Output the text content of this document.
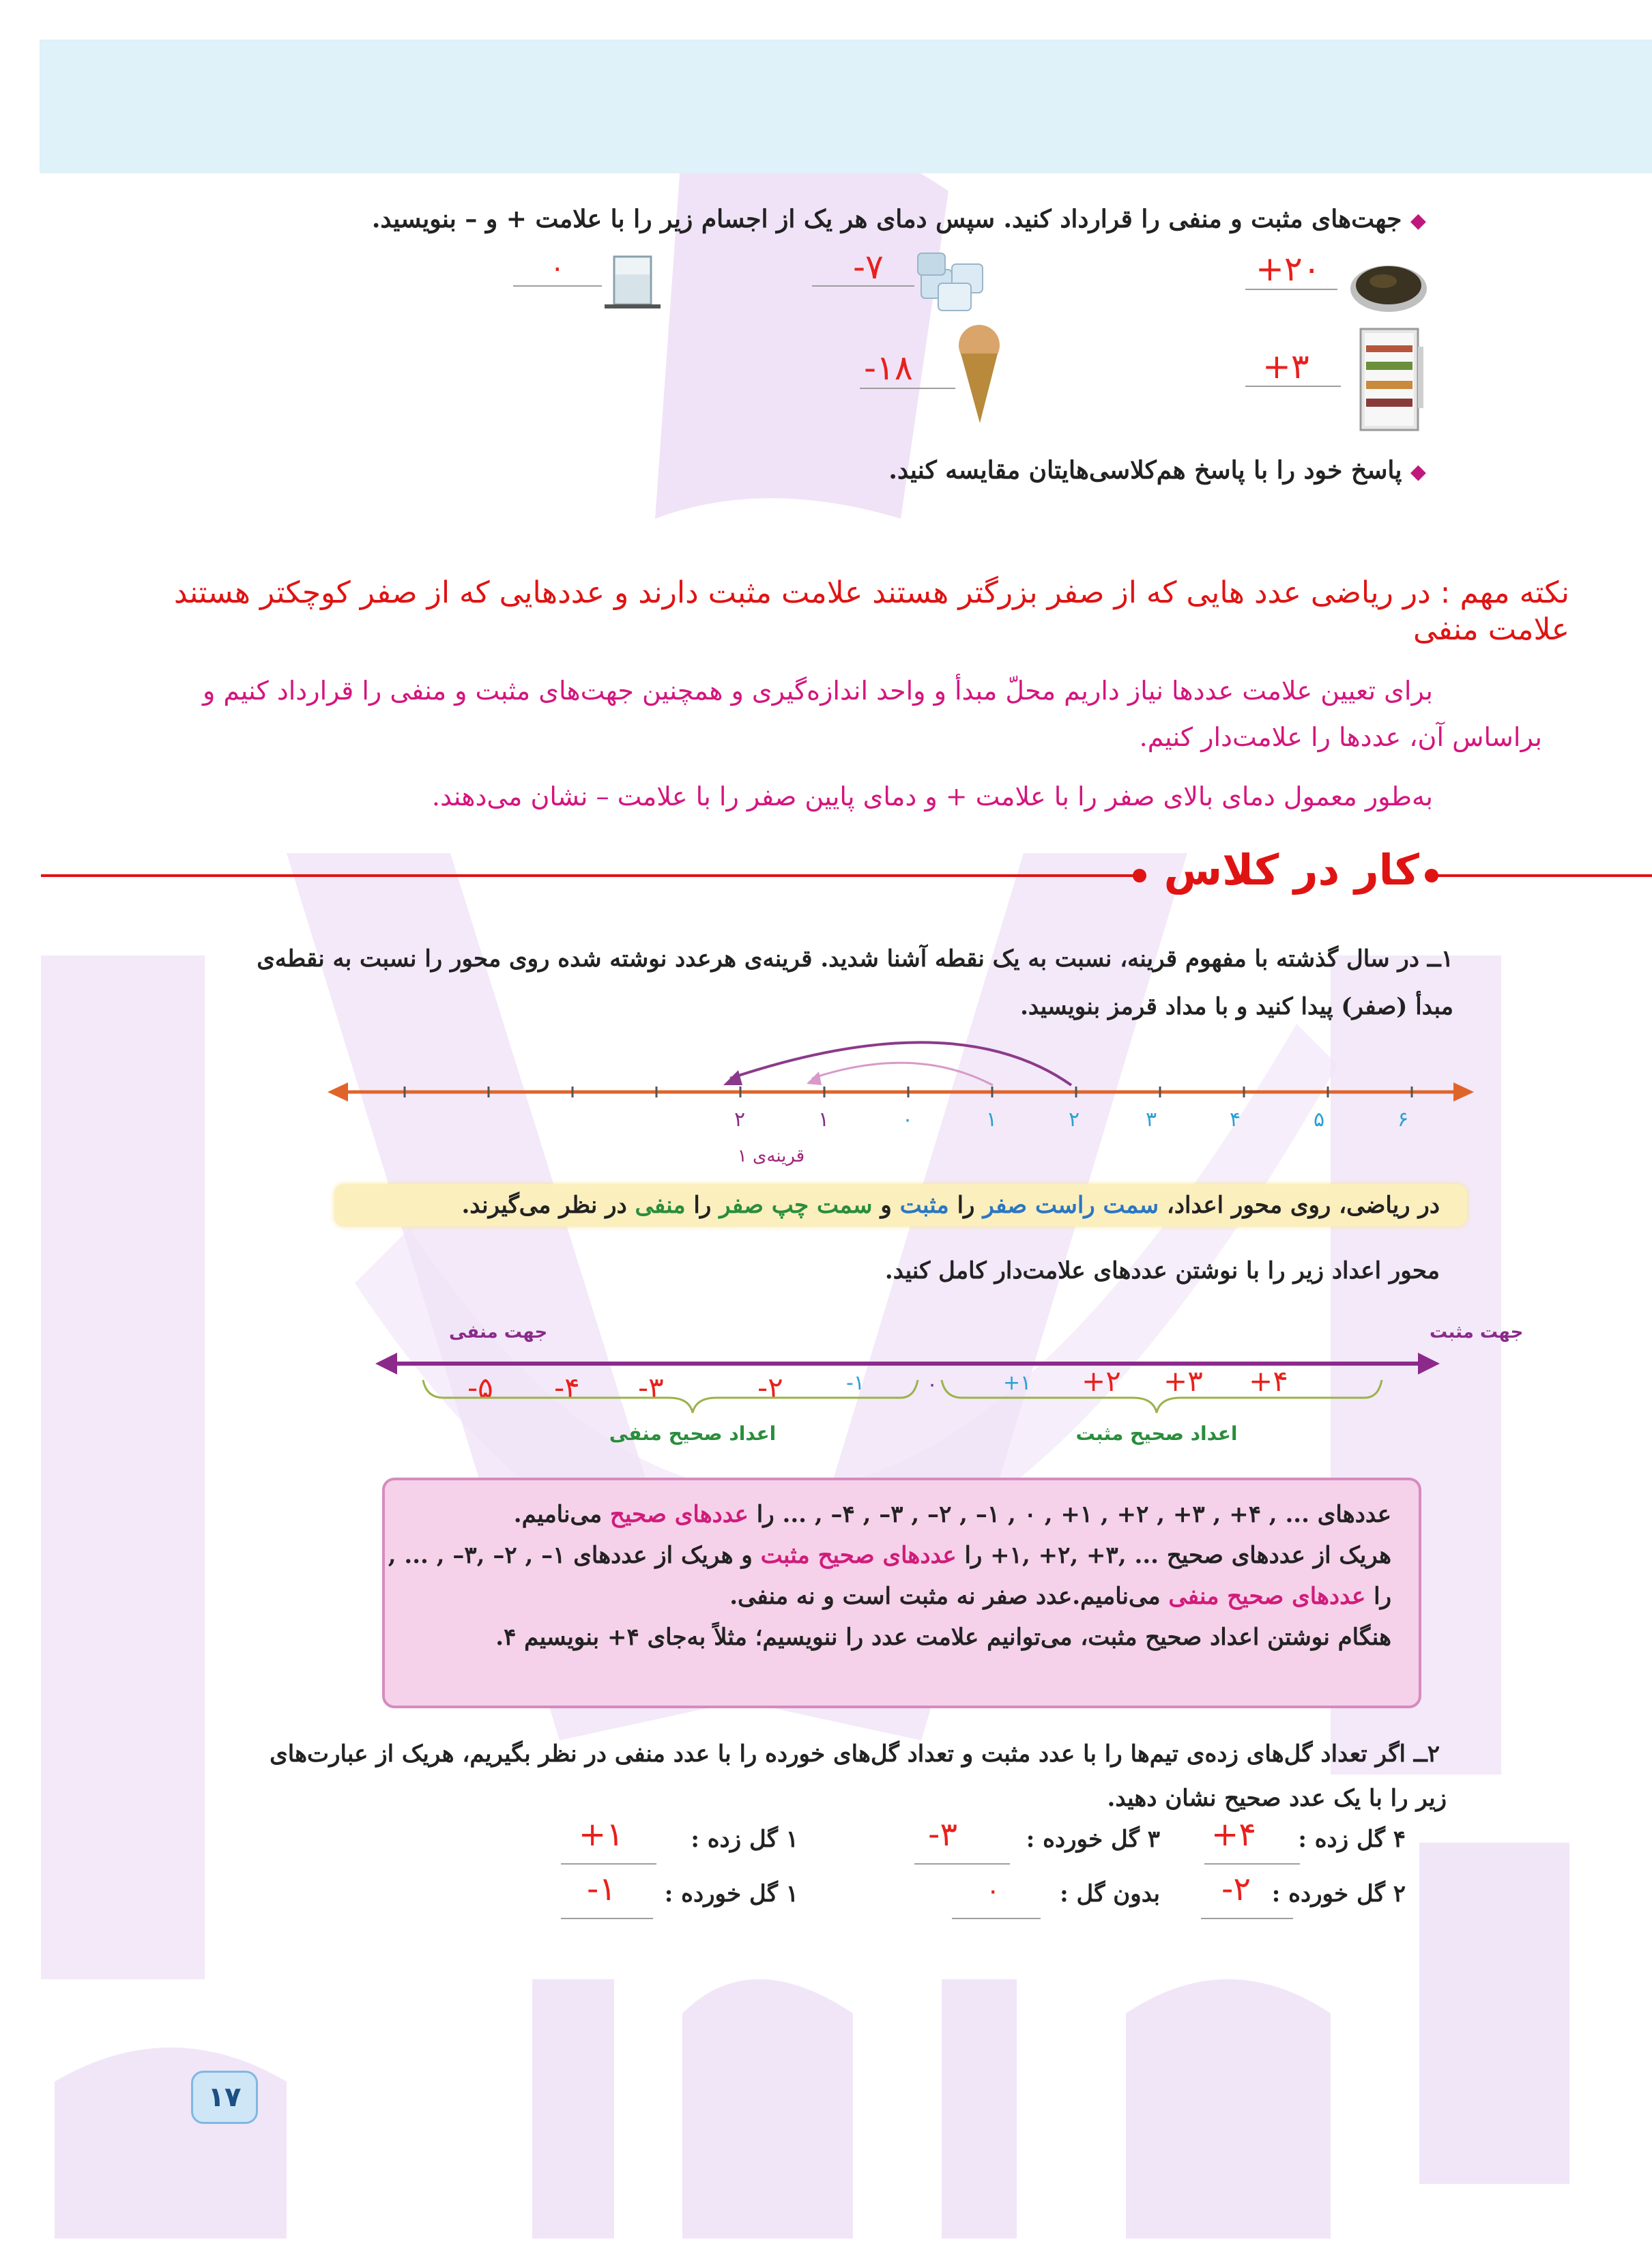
◆ جهت‌های مثبت و منفی را قرارداد کنید. سپس دمای هر یک از اجسام زیر را با علامت + و – بنویسید.
+۲۰
-۷
۰
+۳
-۱۸
◆ پاسخ خود را با پاسخ هم‌کلاسی‌هایتان مقایسه کنید.
نکته مهم : در ریاضی عدد هایی که از صفر بزرگتر هستند علامت مثبت دارند و عددهایی که از صفر کوچکتر هستند علامت منفی
برای تعیین علامت عددها نیاز داریم محلّ مبدأ و واحد اندازه‌گیری و همچنین جهت‌های مثبت و منفی را قرارداد کنیم و
براساس آن، عددها را علامت‌دار کنیم.
به‌طور معمول دمای بالای صفر را با علامت + و دمای پایین صفر را با علامت – نشان می‌دهند.
کار در کلاس
۱ــ در سال گذشته با مفهوم قرینه، نسبت به یک نقطه آشنا شدید. قرینه‌ی هرعدد نوشته شده روی محور را نسبت به نقطه‌ی
مبدأ (صفر) پیدا کنید و با مداد قرمز بنویسید.
۶
۵
۴
۳
۲
۱
۰
۱
۲
قرینه‌ی ۱
در ریاضی، روی محور اعداد، سمت راست صفر را مثبت و سمت چپ صفر را منفی در نظر می‌گیرند.
محور اعداد زیر را با نوشتن عددهای علامت‌دار کامل کنید.
جهت مثبت
جهت منفی
۰	+۱ +۲ +۳ +۴
-۱
-۲
-۳
-۴
-۵
اعداد صحیح مثبت
اعداد صحیح منفی
عددهای ... , ۴+ , ۳+ , ۲+ , ۱+ , ۰ , ۱– , ۲– , ۳– , ۴– , ... را عددهای صحیح می‌نامیم.
هریک از عددهای صحیح ... ,۳+ ,۲+ ,۱+ را عددهای صحیح مثبت و هریک از عددهای ۱– , ۲– ,۳– , ... ,
را عددهای صحیح منفی می‌نامیم.عدد صفر نه مثبت است و نه منفی.
هنگام نوشتن اعداد صحیح مثبت، می‌توانیم علامت عدد را ننویسیم؛ مثلاً به‌جای ۴+ بنویسیم ۴.
۲ــ اگر تعداد گل‌های زده‌ی تیم‌ها را با عدد مثبت و تعداد گل‌های خورده را با عدد منفی در نظر بگیریم، هریک از عبارت‌های
زیر را با یک عدد صحیح نشان دهید.
۴ گل زده :
+۴
۳ گل خورده :
-۳
۱ گل زده :
+۱
۲ گل خورده :
-۲
بدون گل :
۰
۱ گل خورده :
-۱
۱۷
